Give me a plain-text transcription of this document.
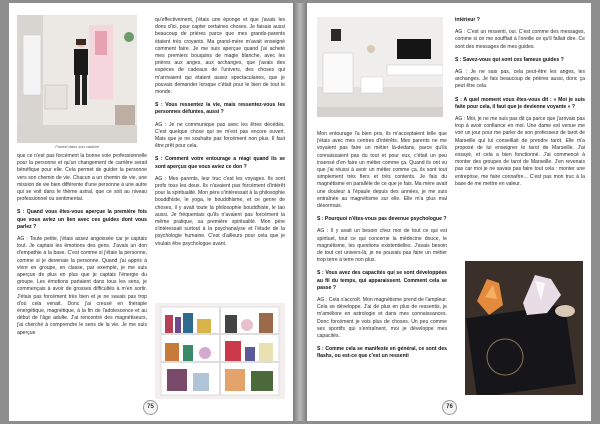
Fanest dans son cabinet

que ce n'est pas forcément la bonne voie professionnelle pour la personne et qu'un changement de carrière serait bénéfique pour elle. Cela permet de guider la personne vers son chemin de vie. Chacun a un chemin de vie, une mission de vie bien différente d'une personne à une autre qui se voit dans le thème astral, que ce soit au niveau professionnel ou sentimental.

S : Quand vous êtes-vous aperçue la première fois que vous aviez un lien avec ces guides dont vous parlez ?

AG : Toute petite, j'étais assez angoissée car je captais tout. Je captais les émotions des gens. J'avais un don d'empathie à la base. C'est comme si j'étais la personne, comme si je devenais la personne. Quand j'ai appris à vivre en groupe, en classe, par exemple, je me suis aperçue de plus en plus que je captais l'énergie du groupe. Les émotions partaient dans tous les sens, je commençais à avoir de grosses difficultés à m'en sortir. J'étais pas forcément très bien et je ne savais pas trop d'où cela venait. Donc j'ai creusé en thérapie énergétique, magnétique, à la fin de l'adolescence et au début de l'âge adulte. J'ai rencontré des magnétiseurs, j'ai cherché à comprendre le sens de la vie. Je me suis aperçue

qu'effectivement, j'étais une éponge et que j'avais les dons d'ici, pour capter certaines choses. Je faisais aussi beaucoup de prières parce que mes grands-parents étaient très croyants. Ma grand-mère m'avait enseigné comment faire. Je me suis aperçue quand j'ai acheté mes premiers bouquins de magie blanche, avec les prières aux anges, aux archanges, que j'avais des espèces de cadeaux de l'univers, des choses qui m'arrivaient qui étaient assez spectaculaires, que je pouvais demander lorsque c'était pour le bien de tout le monde.

S : Vous ressentez la vie, mais ressentez-vous les personnes défuntes, aussi ?

AG : Je ne communique pas avec les êtres décédés. C'est quelque chose qui ne m'est pas encore ouvert. Mais que je ne souhaite pas forcément non plus. Il faut être prêt pour cela.

S : Comment votre entourage a réagi quand ils se sont aperçus que vous aviez ce don ?

AG : Mes parents, leur truc c'est les voyages. Ils sont profs tous les deux. Ils n'avaient pas forcément d'intérêt pour la spiritualité. Mon père s'intéressait à la philosophie bouddhiste, le yoga, le bouddhisme, et ce genre de choses, il y avait toute la philosophie bouddhiste, le tao aussi. Je fréquentais qu'ils n'avaient pas forcément la même pratique, sa première spiritualité. Mon père s'intéressait surtout à la psychanalyse et l'étude de la psychologie humaine. C'est d'ailleurs pour cela que je voulais être psychologue avant.

75

Mon entourage l'a bien pris, ils m'acceptaient telle que j'étais avec mes centres d'intérêts. Mes parents ne me voyaient pas faire un métier là-dedans, parce qu'ils connaissaient pas du tout et pour eux, c'était un peu insensé d'en faire un métier comme ça. Quand ils ont vu que j'ai réussi à avoir un métier comme ça, ils sont tout simplement très fiers et très contents. Je fais du magnétisme en parallèle de ce que je fais. Ma mère avait une douleur à l'épaule depuis des années, je me suis entraînée au magnétisme sur elle. Elle m'a plus mal désormais.

S : Pourquoi n'êtes-vous pas devenue psychologue ?

AG : Il y avait un besoin chez moi de tout ce qui est spirituel, tout ce qui concerne la médecine douce, le magnétisme, les questions existentielles. J'avais besoin de tout cet univers-là, je ne pouvais pas faire un métier trop terre à terre non plus.

S : Vous avez des capacités qui se sont développées au fil du temps, qui apparaissent. Comment cela se passe ?

AG : Cela s'accroît. Mon magnétisme prend de l'ampleur. Cela se développe. J'ai de plus en plus de ressentis, je m'améliore en astrologie et dans mes connaissances. Donc forcément je vois plus de choses. Un peu comme ses sportifs qui s'entraînent, moi je développe mes capacités.

S : Comme cela se manifeste en général, ce sont des flashs, ou est-ce que c'est un ressenti

intérieur ?

AG : C'est un ressenti, oui. C'est comme des messages, comme si on me soufflait à l'oreille ce qu'il fallait dire. Ce sont des messages de mes guides.

S : Savez-vous qui sont ces fameux guides ?

AG : Je ne sais pas, cela peut-être les anges, les archanges. Je fais beaucoup de prières aussi, donc ça peut être cela.

S : A quel moment vous êtes-vous dit : « Moi je suis faite pour cela, il faut que je devienne voyante » ?

AG : Moi, je ne me suis pas dit ça parce que j'arrivais pas trop à avoir confiance en moi. Une dame est venue me voir un jour pour me parler de son professeur de tarot de Marseille qui lui conseillait de prendre tarot. Elle m'a proposé de lui enseigner le tarot de Marseille. J'ai essayé, et cela a bien fonctionné. J'ai commencé à monter des groupes de tarot de Marseille. J'en revenais pas car moi je ne savais pas faire tout cela : monter une entreprise, me faire connaître... C'est pas mon truc à la base de me mettre en valeur.

76
